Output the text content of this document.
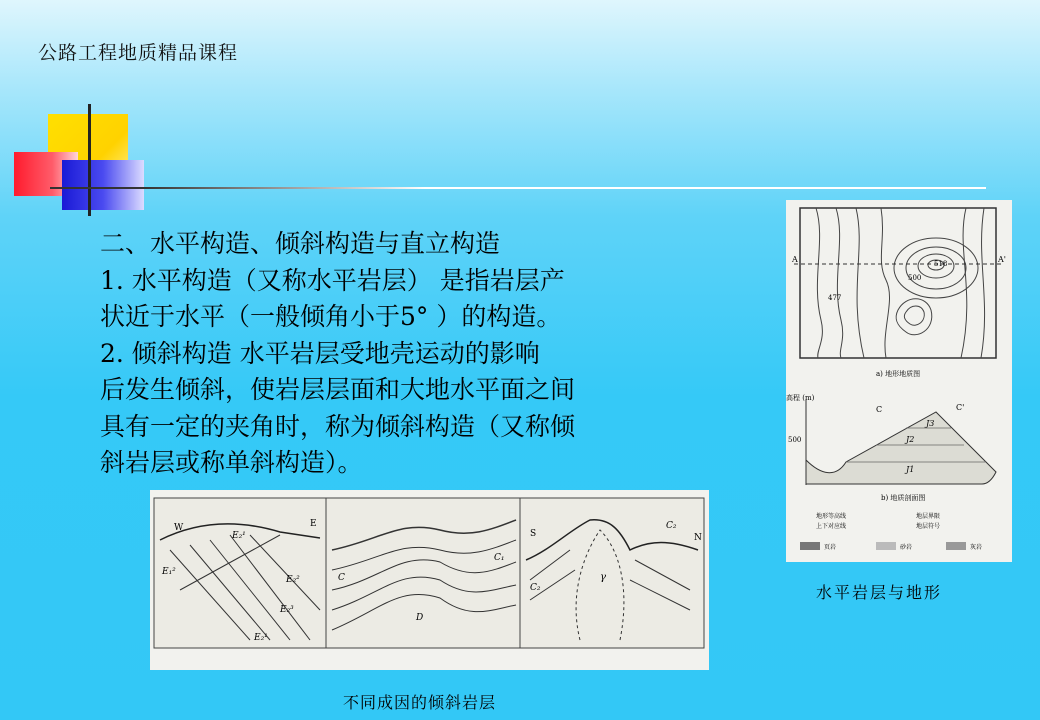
公路工程地质精品课程
二、水平构造、倾斜构造与直立构造
1. 水平构造（又称水平岩层） 是指岩层产
状近于水平（一般倾角小于5° ）的构造。
2. 倾斜构造 水平岩层受地壳运动的影响
后发生倾斜，使岩层层面和大地水平面之间
具有一定的夹角时，称为倾斜构造（又称倾
斜岩层或称单斜构造）。
A	A'
518
500
477
a) 地形地质图
高程 (m)
500
J3
J2
J1
C	C'
b) 地质剖面图
地形等高线	地层界限
上下对应线	地层符号
页岩	砂岩	灰岩
水平岩层与地形
W	E
E₂¹
E₁²
E₂²
E₂³
E₂¹
C
C₁
D
S
C₂
N
C₂
γ
不同成因的倾斜岩层
